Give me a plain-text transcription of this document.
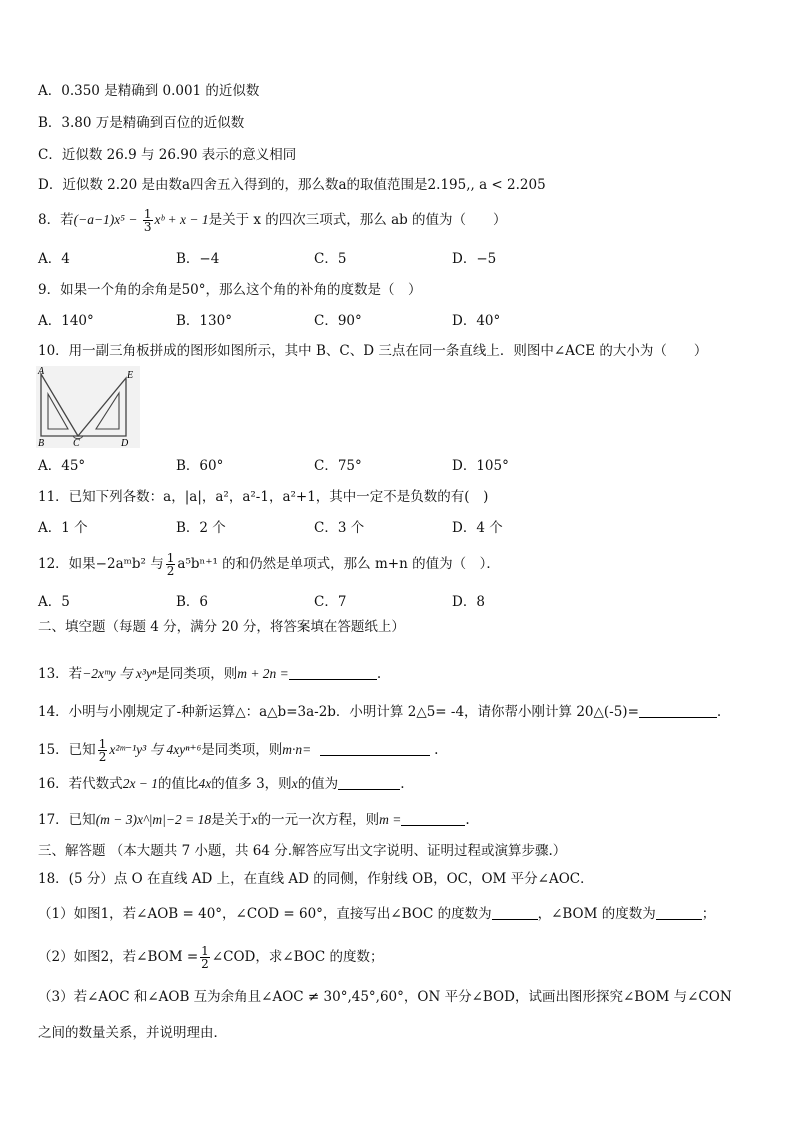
A．0.350 是精确到 0.001 的近似数
B．3.80 万是精确到百位的近似数
C．近似数 26.9 与 26.90 表示的意义相同
D．近似数 2.20 是由数a四舍五入得到的，那么数a的取值范围是2.195,, a < 2.205
8．若$(-a-1)x^5 - \frac{1}{3}$ xᵇ + x − 1是关于 x 的四次三项式，那么 ab 的值为（　　）
A．4	B．−4	C．5	D．−5
9．如果一个角的余角是50°，那么这个角的补角的度数是（　）
A．140°	B．130°	C．90°	D．40°
10．用一副三角板拼成的图形如图所示，其中 B、C、D 三点在同一条直线上．则图中∠ACE 的大小为（　　）
A	E
B	C	D
A．45°	B．60°	C．75°	D．105°
11．已知下列各数：a，|a|，a²，a²-1，a²+1，其中一定不是负数的有(　)
A．1 个	B．2 个	C．3 个	D．4 个
12．如果−2aᵐb² 与 $\frac{1}{2} a^5b^{n+1}$ 的和仍然是单项式，那么 m+n 的值为（　）．
A．5	B．6	C．7	D．8
二、填空题（每题 4 分，满分 20 分，将答案填在答题纸上）
13．若−2xᵐy 与 x³yⁿ是同类项，则m + 2n =	.
14．小明与小刚规定了-种新运算△：a△b=3a-2b．小明计算 2△5= -4，请你帮小刚计算 20△(-5)=	.
15．已知 $\frac{1}{2}$ x²ᵐ⁻¹y³ 与 4xyⁿ⁺⁶是同类项，则m·n=	.
16．若代数式2x − 1的值比4x的值多 3，则x的值为	.
17．已知(m − 3)x^|m|−2 = 18是关于x的一元一次方程，则m =	.
三、解答题 （本大题共 7 小题，共 64 分.解答应写出文字说明、证明过程或演算步骤.）
18．(5 分）点 O 在直线 AD 上，在直线 AD 的同侧，作射线 OB，OC，OM 平分∠AOC．
（1）如图1，若∠AOB = 40°，∠COD = 60°，直接写出∠BOC 的度数为	，∠BOM 的度数为	；
（2）如图2，若∠BOM = $\frac{1}{2}$ ∠COD，求∠BOC 的度数；
（3）若∠AOC 和∠AOB 互为余角且∠AOC ≠ 30°,45°,60°，ON 平分∠BOD，试画出图形探究∠BOM 与∠CON
之间的数量关系，并说明理由．
